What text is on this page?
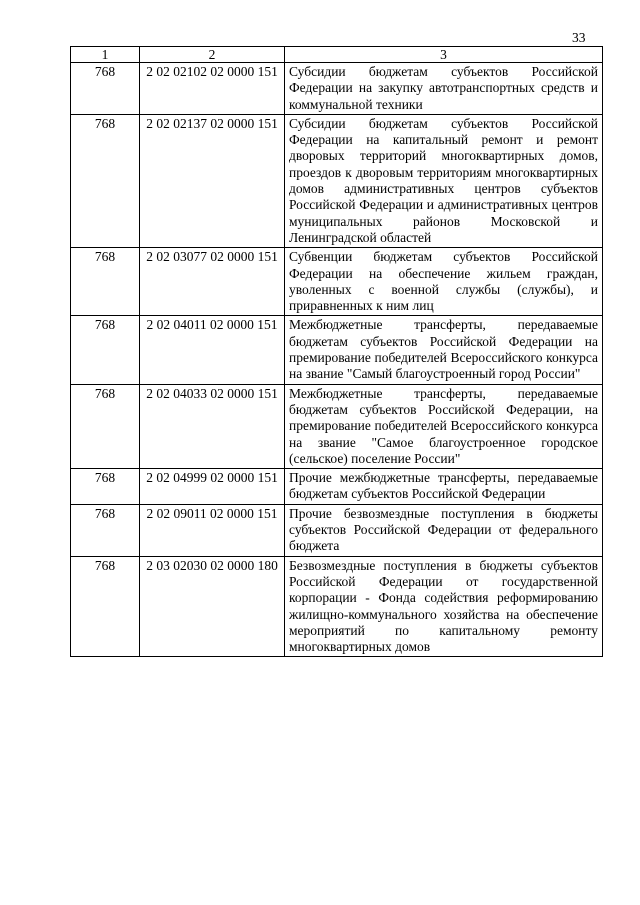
33
1	2	3
768	2 02 02102 02 0000 151	Субсидии бюджетам субъектов Российской Федерации на закупку автотранспортных средств и коммунальной техники
768	2 02 02137 02 0000 151	Субсидии бюджетам субъектов Российской Федерации на капитальный ремонт и ремонт дворовых территорий многоквартирных домов, проездов к дворовым территориям многоквартирных домов административных центров субъектов Российской Федерации и административных центров муниципальных районов Московской и Ленинградской областей
768	2 02 03077 02 0000 151	Субвенции бюджетам субъектов Российской Федерации на обеспечение жильем граждан, уволенных с военной службы (службы), и приравненных к ним лиц
768	2 02 04011 02 0000 151	Межбюджетные трансферты, передаваемые бюджетам субъектов Российской Федерации на премирование победителей Всероссийского конкурса на звание "Самый благоустроенный город России"
768	2 02 04033 02 0000 151	Межбюджетные трансферты, передаваемые бюджетам субъектов Российской Федерации, на премирование победителей Всероссийского конкурса на звание "Самое благоустроенное городское (сельское) поселение России"
768	2 02 04999 02 0000 151	Прочие межбюджетные трансферты, передаваемые бюджетам субъектов Российской Федерации
768	2 02 09011 02 0000 151	Прочие безвозмездные поступления в бюджеты субъектов Российской Федерации от федерального бюджета
768	2 03 02030 02 0000 180	Безвозмездные поступления в бюджеты субъектов Российской Федерации от государственной корпорации - Фонда содействия реформированию жилищно-коммунального хозяйства на обеспечение мероприятий по капитальному ремонту многоквартирных домов
